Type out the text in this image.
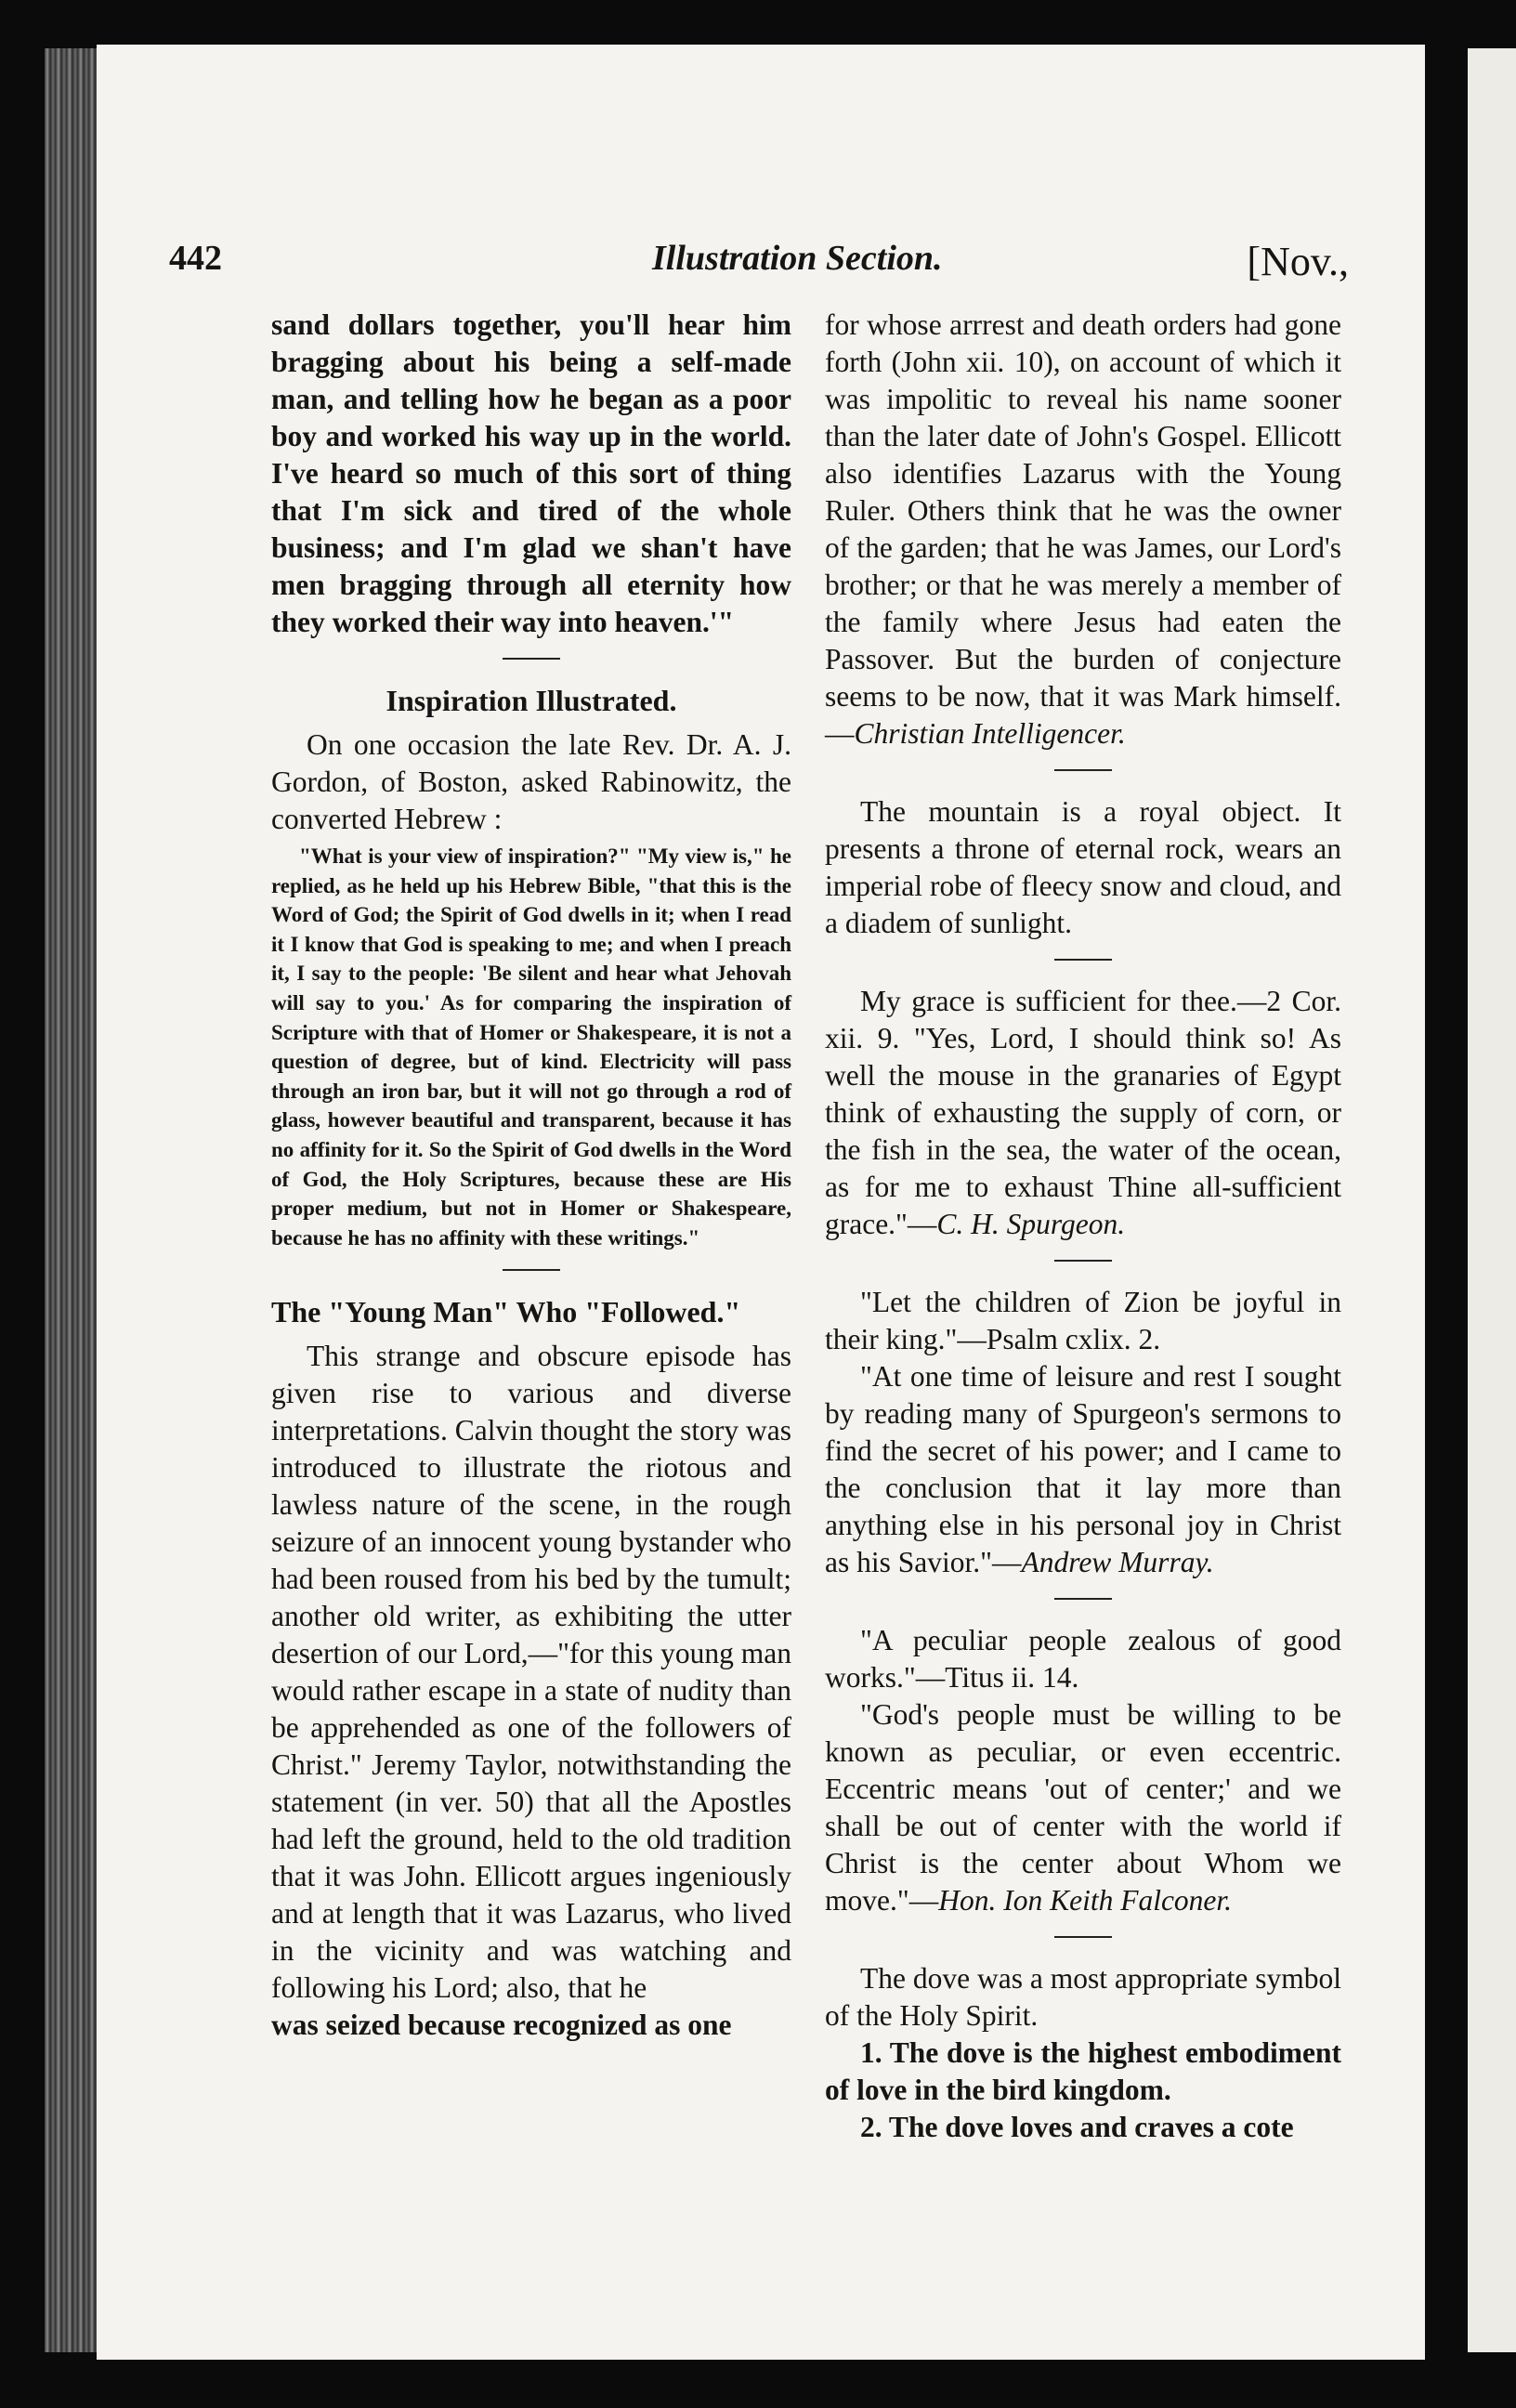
442	Illustration Section.	[Nov.,

sand dollars together, you'll hear him bragging about his being a self-made man, and telling how he began as a poor boy and worked his way up in the world. I've heard so much of this sort of thing that I'm sick and tired of the whole business; and I'm glad we shan't have men bragging through all eternity how they worked their way into heaven.'"

Inspiration Illustrated.

On one occasion the late Rev. Dr. A. J. Gordon, of Boston, asked Rabinowitz, the converted Hebrew :

"What is your view of inspiration?" "My view is," he replied, as he held up his Hebrew Bible, "that this is the Word of God; the Spirit of God dwells in it; when I read it I know that God is speaking to me; and when I preach it, I say to the people: 'Be silent and hear what Jehovah will say to you.' As for comparing the inspiration of Scripture with that of Homer or Shakespeare, it is not a question of degree, but of kind. Electricity will pass through an iron bar, but it will not go through a rod of glass, however beautiful and transparent, because it has no affinity for it. So the Spirit of God dwells in the Word of God, the Holy Scriptures, because these are His proper medium, but not in Homer or Shakespeare, because he has no affinity with these writings."

The "Young Man" Who "Followed."

This strange and obscure episode has given rise to various and diverse interpretations. Calvin thought the story was introduced to illustrate the riotous and lawless nature of the scene, in the rough seizure of an innocent young bystander who had been roused from his bed by the tumult; another old writer, as exhibiting the utter desertion of our Lord,—"for this young man would rather escape in a state of nudity than be apprehended as one of the followers of Christ." Jeremy Taylor, notwithstanding the statement (in ver. 50) that all the Apostles had left the ground, held to the old tradition that it was John. Ellicott argues ingeniously and at length that it was Lazarus, who lived in the vicinity and was watching and following his Lord; also, that he

was seized because recognized as one

for whose arrrest and death orders had gone forth (John xii. 10), on account of which it was impolitic to reveal his name sooner than the later date of John's Gospel. Ellicott also identifies Lazarus with the Young Ruler. Others think that he was the owner of the garden; that he was James, our Lord's brother; or that he was merely a member of the family where Jesus had eaten the Passover. But the burden of conjecture seems to be now, that it was Mark himself.—Christian Intelligencer.

The mountain is a royal object. It presents a throne of eternal rock, wears an imperial robe of fleecy snow and cloud, and a diadem of sunlight.

My grace is sufficient for thee.—2 Cor. xii. 9. "Yes, Lord, I should think so! As well the mouse in the granaries of Egypt think of exhausting the supply of corn, or the fish in the sea, the water of the ocean, as for me to exhaust Thine all-sufficient grace."—C. H. Spurgeon.

"Let the children of Zion be joyful in their king."—Psalm cxlix. 2.

"At one time of leisure and rest I sought by reading many of Spurgeon's sermons to find the secret of his power; and I came to the conclusion that it lay more than anything else in his personal joy in Christ as his Savior."—Andrew Murray.

"A peculiar people zealous of good works."—Titus ii. 14.

"God's people must be willing to be known as peculiar, or even eccentric. Eccentric means 'out of center;' and we shall be out of center with the world if Christ is the center about Whom we move."—Hon. Ion Keith Falconer.

The dove was a most appropriate symbol of the Holy Spirit.

1. The dove is the highest embodiment of love in the bird kingdom.

2. The dove loves and craves a cote
